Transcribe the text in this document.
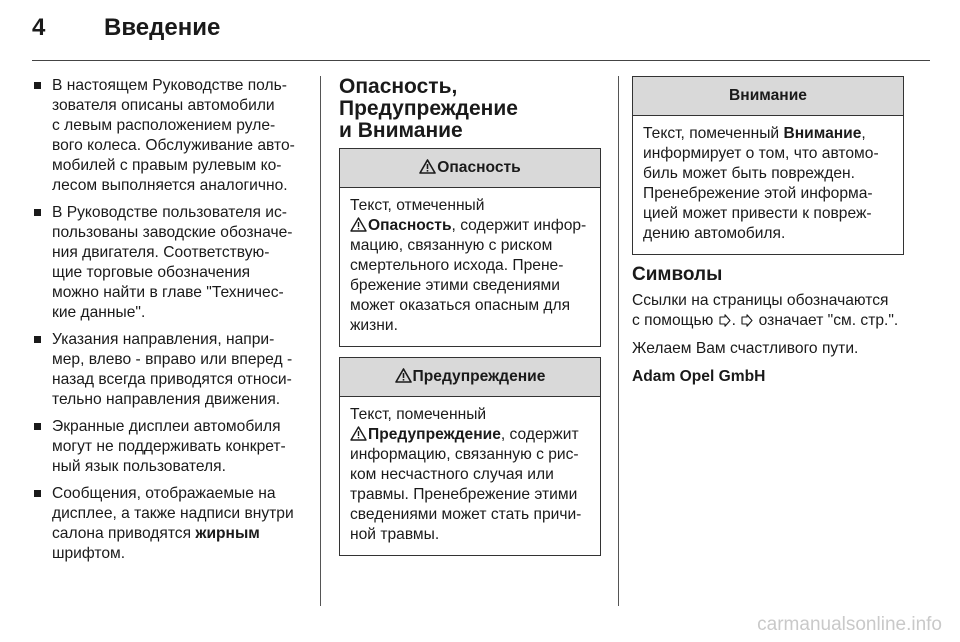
4	Введение
В настоящем Руководстве поль-
зователя описаны автомобили
с левым расположением руле-
вого колеса. Обслуживание авто-
мобилей с правым рулевым ко-
лесом выполняется аналогично.
В Руководстве пользователя ис-
пользованы заводские обозначе-
ния двигателя. Соответствую-
щие торговые обозначения
можно найти в главе "Техничес-
кие данные".
Указания направления, напри-
мер, влево - вправо или вперед -
назад всегда приводятся относи-
тельно направления движения.
Экранные дисплеи автомобиля
могут не поддерживать конкрет-
ный язык пользователя.
Сообщения, отображаемые на
дисплее, а также надписи внутри
салона приводятся жирным
шрифтом.
Опасность,
Предупреждение
и Внимание
Опасность
Текст, отмеченный
Опасность, содержит инфор-
мацию, связанную с риском
смертельного исхода. Прене-
брежение этими сведениями
может оказаться опасным для
жизни.
Предупреждение
Текст, помеченный
Предупреждение, содержит
информацию, связанную с рис-
ком несчастного случая или
травмы. Пренебрежение этими
сведениями может стать причи-
ной травмы.
Внимание
Текст, помеченный Внимание,
информирует о том, что автомо-
биль может быть поврежден.
Пренебрежение этой информа-
цией может привести к повреж-
дению автомобиля.
Символы
Ссылки на страницы обозначаются
с помощью . означает "см. стр.".
Желаем Вам счастливого пути.
Adam Opel GmbH
carmanualsonline.info
